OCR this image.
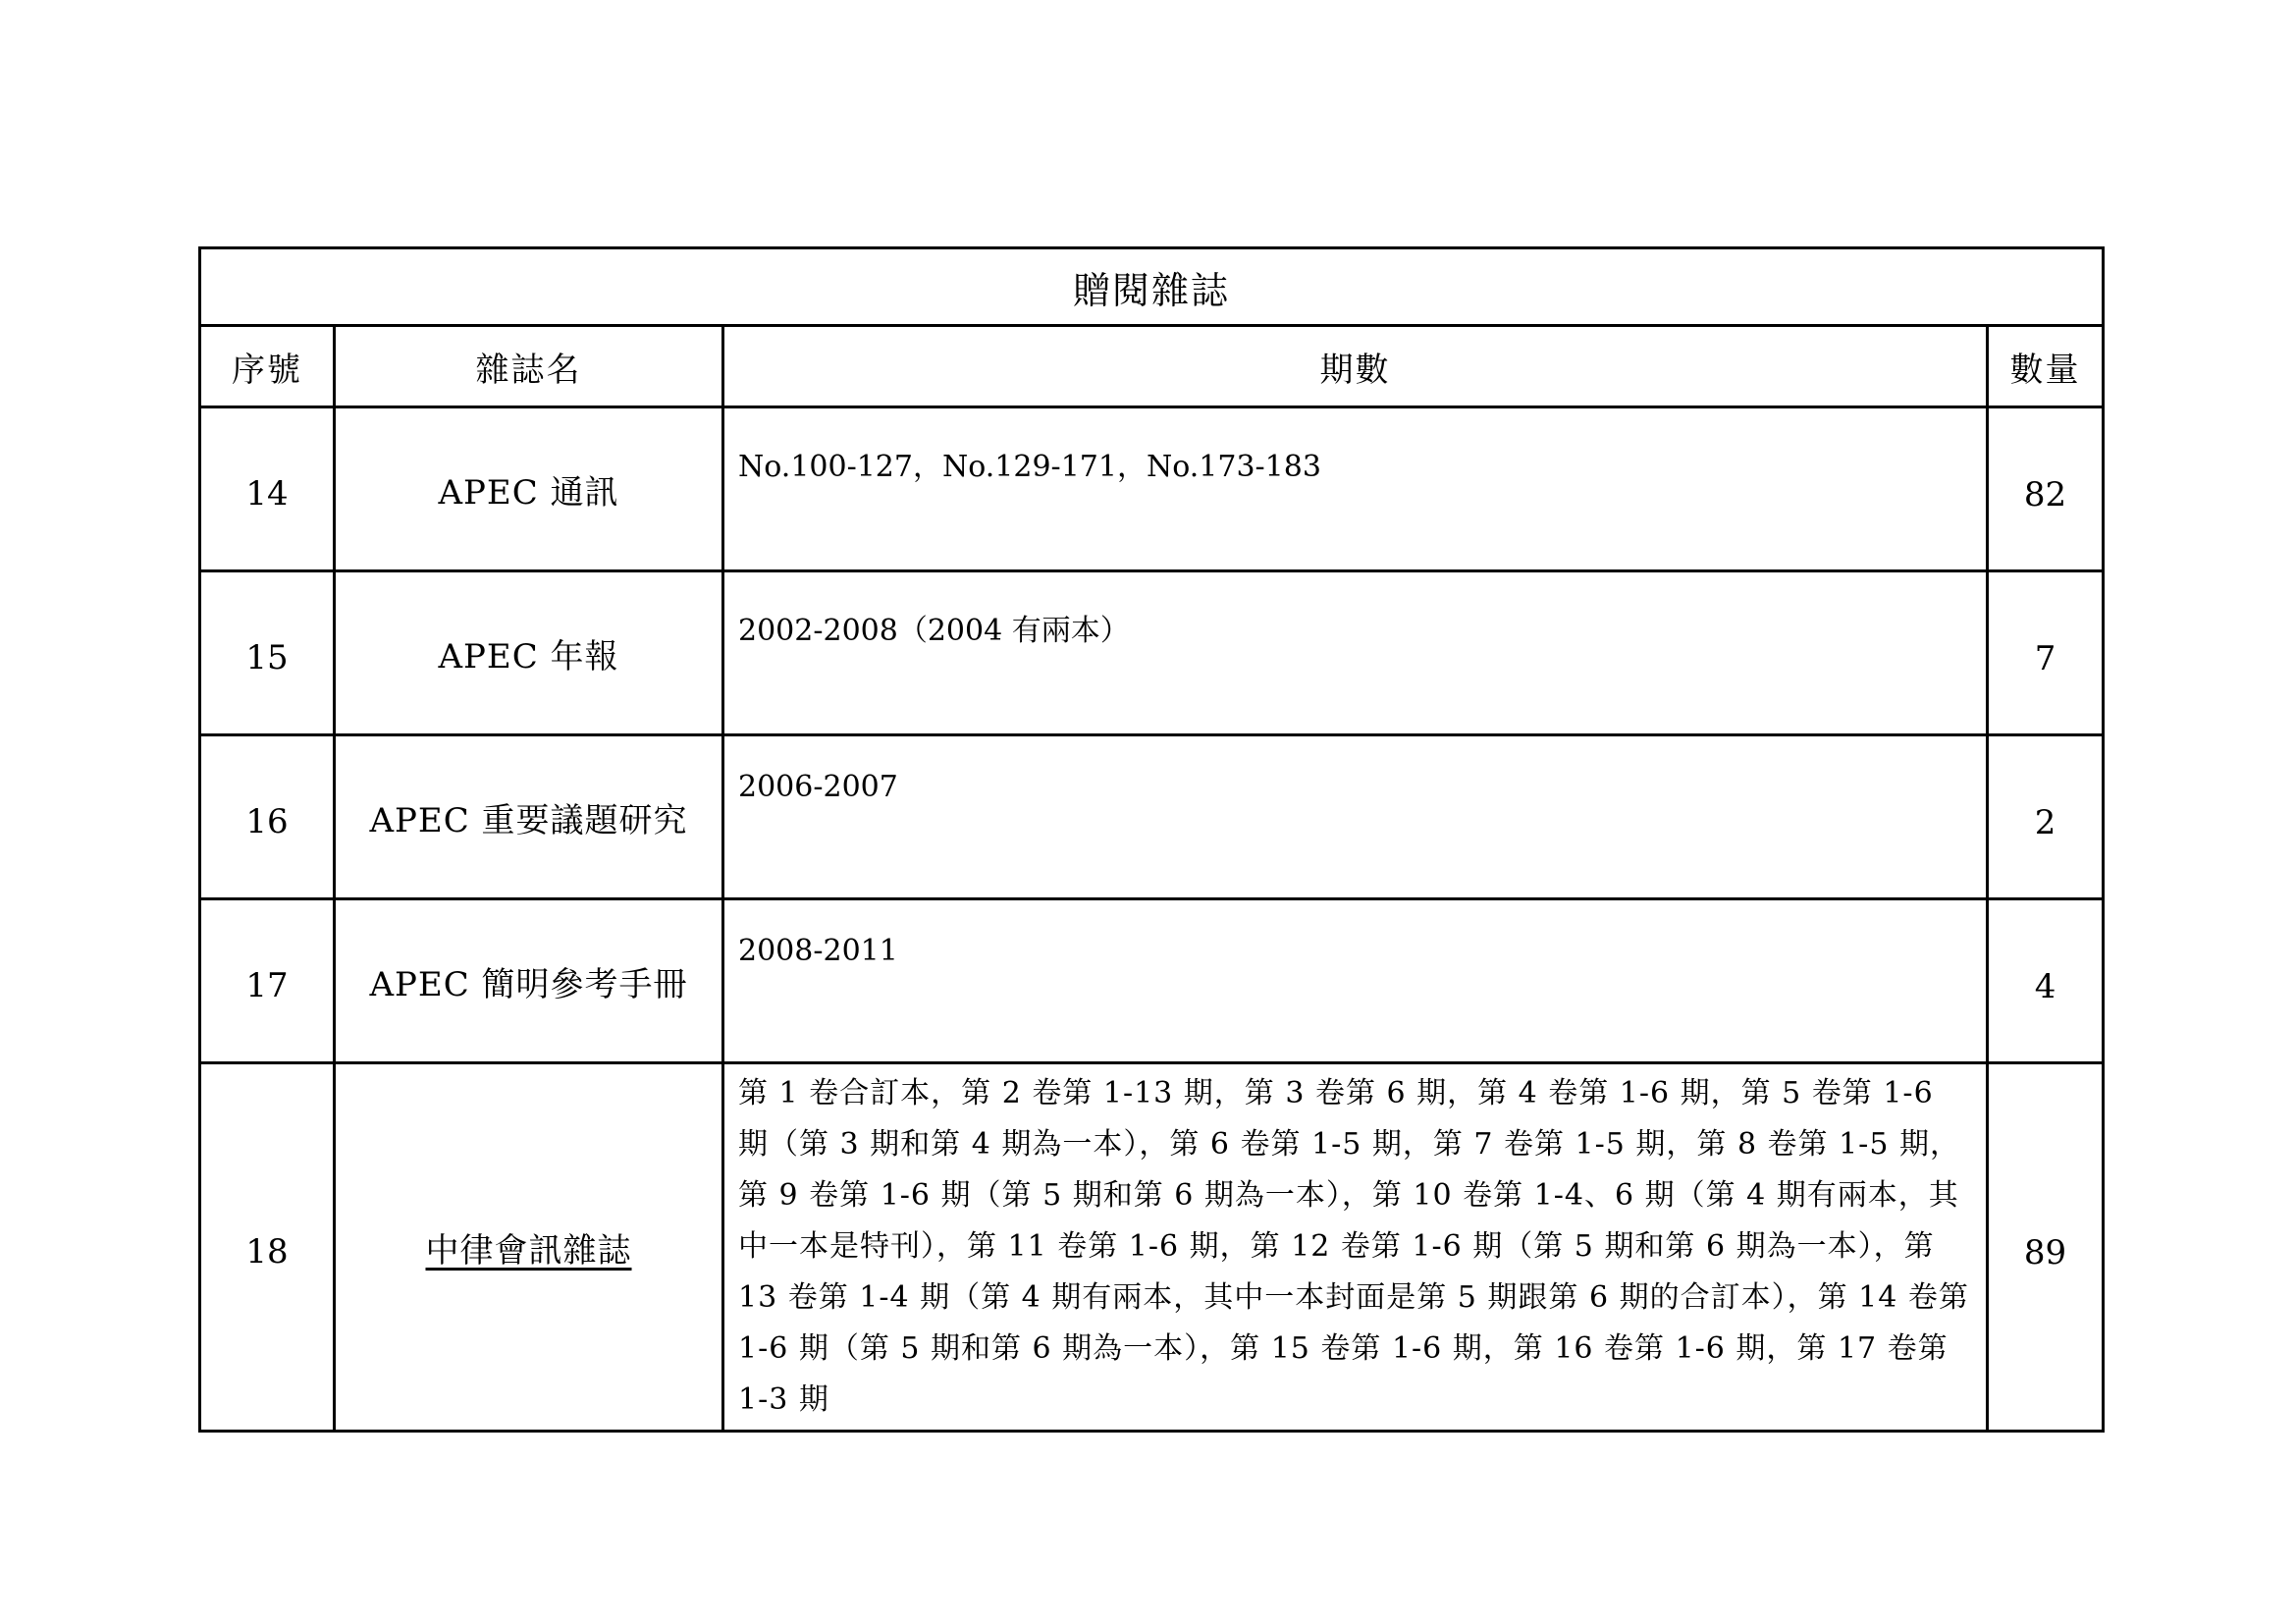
贈閱雜誌			
序號	雜誌名	期數	數量
14	APEC 通訊	No.100-127，No.129-171，No.173-183	82
15	APEC 年報	2002-2008（2004 有兩本）	7
16	APEC 重要議題研究	2006-2007	2
17	APEC 簡明參考手冊	2008-2011	4
18	中律會訊雜誌	第 1 卷合訂本，第 2 卷第 1-13 期，第 3 卷第 6 期，第 4 卷第 1-6 期，第 5 卷第 1-6 期（第 3 期和第 4 期為一本），第 6 卷第 1-5 期，第 7 卷第 1-5 期，第 8 卷第 1-5 期，第 9 卷第 1-6 期（第 5 期和第 6 期為一本），第 10 卷第 1-4、6 期（第 4 期有兩本，其中一本是特刊），第 11 卷第 1-6 期，第 12 卷第 1-6 期（第 5 期和第 6 期為一本），第 13 卷第 1-4 期（第 4 期有兩本，其中一本封面是第 5 期跟第 6 期的合訂本），第 14 卷第 1-6 期（第 5 期和第 6 期為一本），第 15 卷第 1-6 期，第 16 卷第 1-6 期，第 17 卷第 1-3 期	89
